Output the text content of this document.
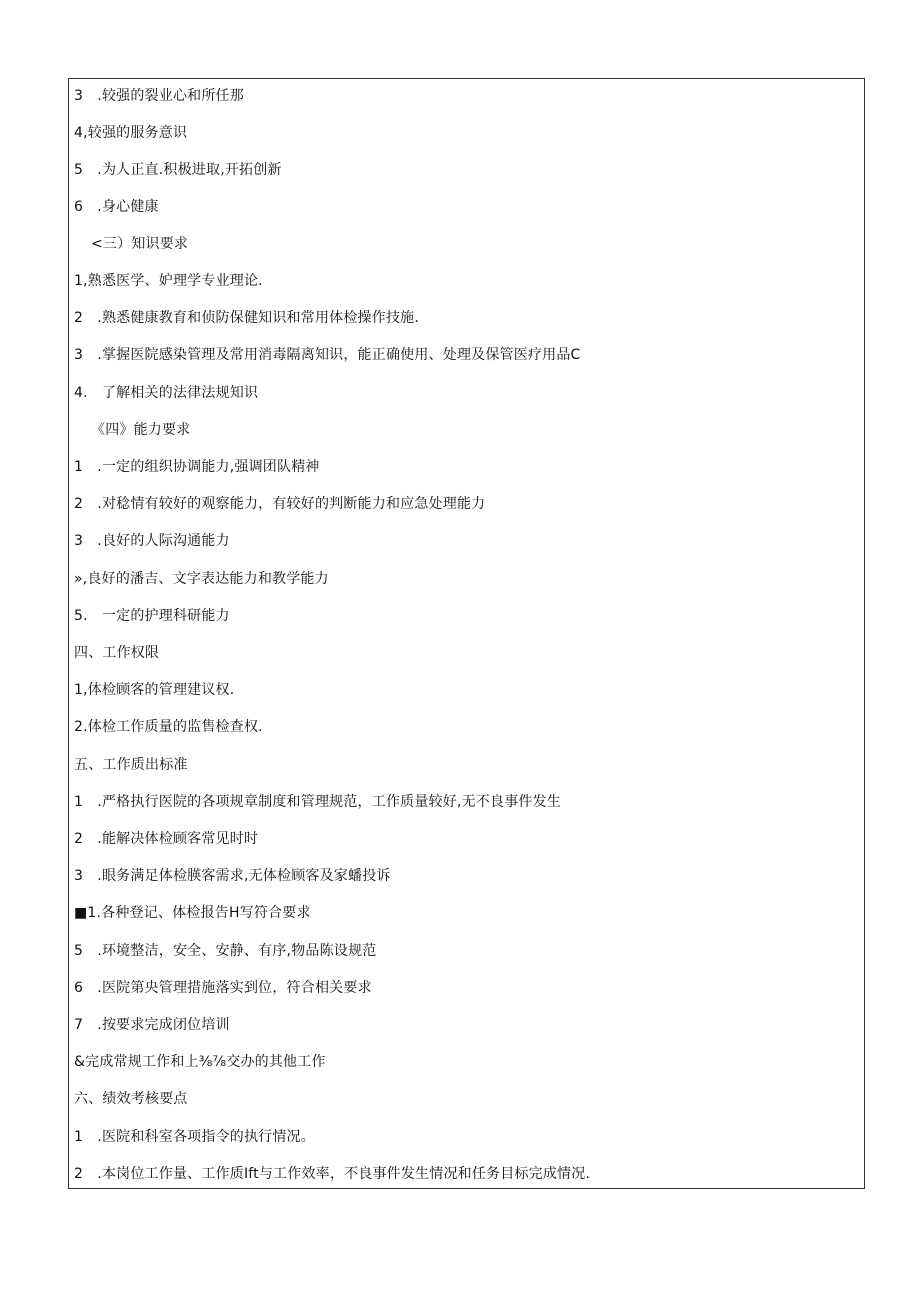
3　.较强的裂业心和所任那
4,较强的服务意识
5　.为人正直.积极进取,开拓创新
6　.身心健康
<三）知识要求
1,熟悉医学、妒理学专业理论.
2　.熟悉健康教育和侦防保健知识和常用体检操作技施.
3　.掌握医院感染管理及常用消毒隔离知识，能正确使用、处理及保管医疗用品C
4.　了解相关的法律法规知识
《四》能力要求
1　.一定的组织协调能力,强调团队精神
2　.对稔情有较好的观察能力，有较好的判断能力和应急处理能力
3　.良好的人际沟通能力
»,良好的潘吉、文字表达能力和教学能力
5.　一定的护理科研能力
四、工作权限
1,体检顾客的管理建议权.
2.体检工作质量的监售检查权.
五、工作质出标准
1　.严格执行医院的各项规章制度和管理规范，工作质量较好,无不良事件发生
2　.能解决体检顾客常见时时
3　.眼务满足体检朠客需求,无体检顾客及家蟠投诉
■1.各种登记、体检报告H写符合要求
5　.环境整洁，安全、安静、有序,物品陈设规范
6　.医院第央管理措施落实到位，符合相关要求
7　.按要求完成闭位培训
&完成常规工作和上⅜⅞交办的其他工作
六、绩效考核要点
1　.医院和科室各项指令的执行情况。
2　.本岗位工作量、工作质Ift与工作效率，不良事件发生情况和任务目标完成情况.
